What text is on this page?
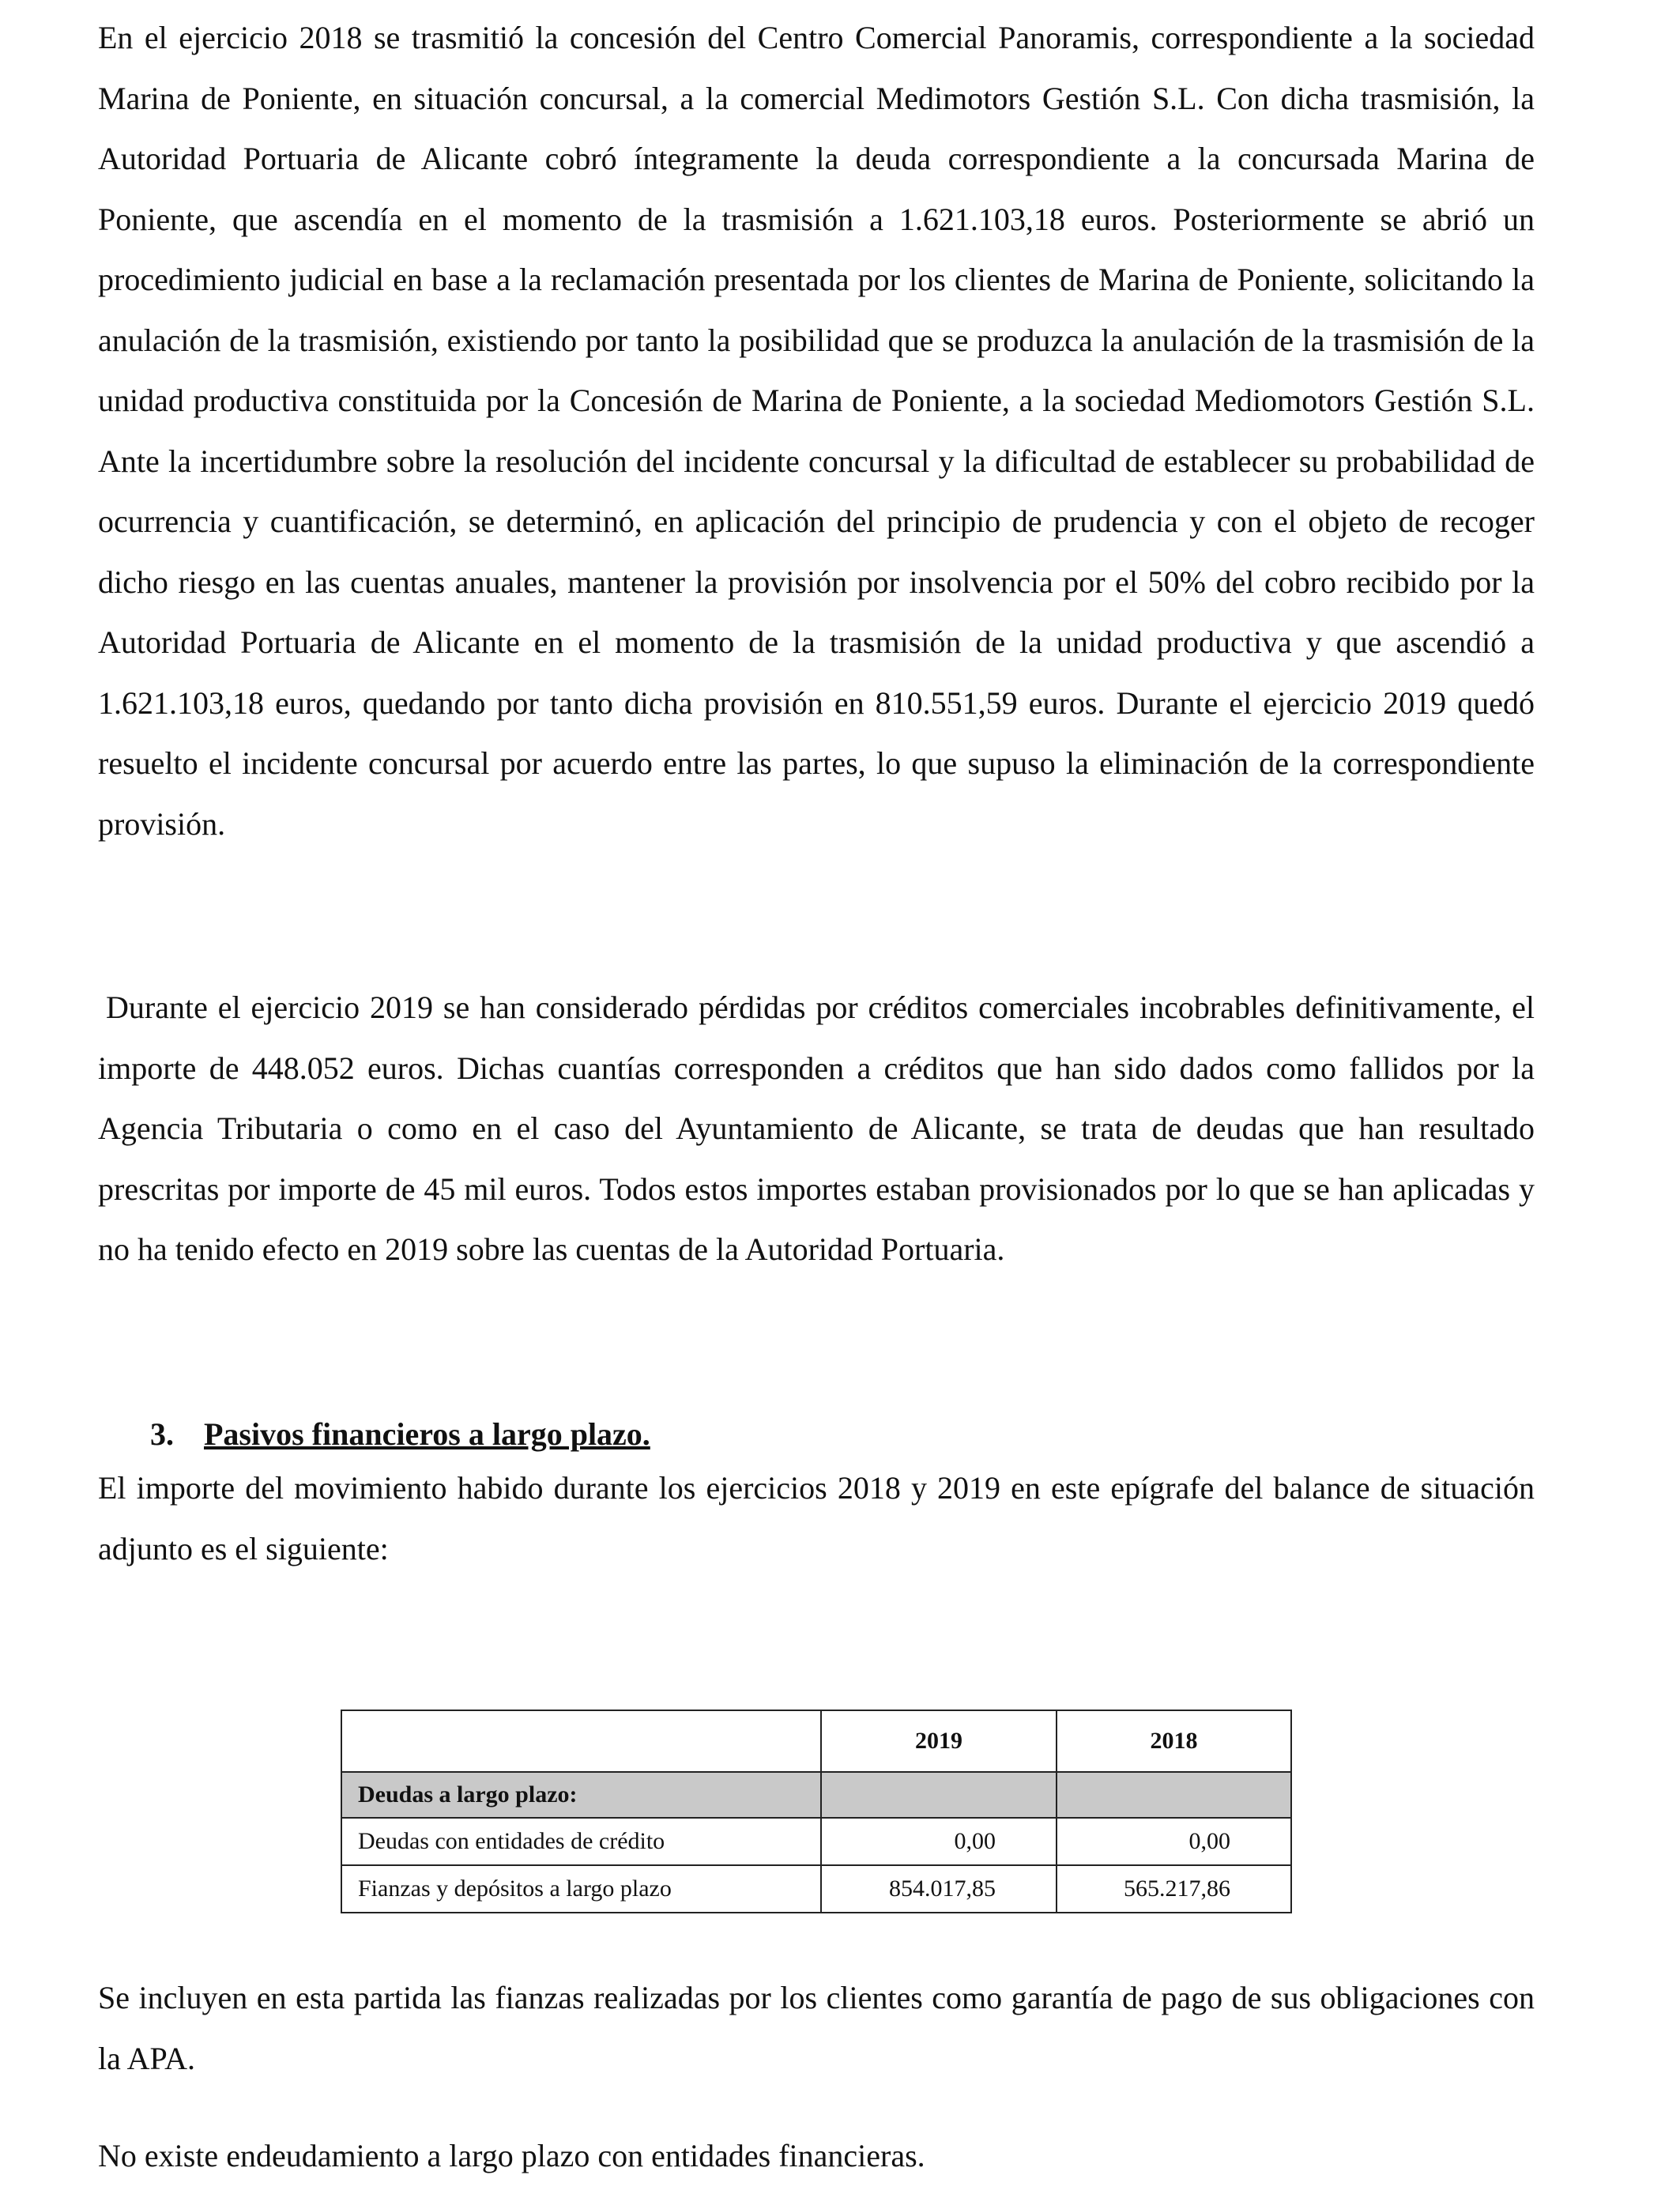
En el ejercicio 2018 se trasmitió la concesión del Centro Comercial Panoramis, correspondiente a la sociedad Marina de Poniente, en situación concursal, a la comercial Medimotors Gestión S.L. Con dicha trasmisión, la Autoridad Portuaria de Alicante cobró íntegramente la deuda correspondiente a la concursada Marina de Poniente, que ascendía en el momento de la trasmisión a 1.621.103,18 euros. Posteriormente se abrió un procedimiento judicial en base a la reclamación presentada por los clientes de Marina de Poniente, solicitando la anulación de la trasmisión, existiendo por tanto la posibilidad que se produzca la anulación de la trasmisión de la unidad productiva constituida por la Concesión de Marina de Poniente, a la sociedad Mediomotors Gestión S.L. Ante la incertidumbre sobre la resolución del incidente concursal y la dificultad de establecer su probabilidad de ocurrencia y cuantificación, se determinó, en aplicación del principio de prudencia y con el objeto de recoger dicho riesgo en las cuentas anuales, mantener la provisión por insolvencia por el 50% del cobro recibido por la Autoridad Portuaria de Alicante en el momento de la trasmisión de la unidad productiva y que ascendió a 1.621.103,18 euros, quedando por tanto dicha provisión en 810.551,59 euros. Durante el ejercicio 2019 quedó resuelto el incidente concursal por acuerdo entre las partes, lo que supuso la eliminación de la correspondiente provisión.

Durante el ejercicio 2019 se han considerado pérdidas por créditos comerciales incobrables definitivamente, el importe de 448.052 euros. Dichas cuantías corresponden a créditos que han sido dados como fallidos por la Agencia Tributaria o como en el caso del Ayuntamiento de Alicante, se trata de deudas que han resultado prescritas por importe de 45 mil euros. Todos estos importes estaban provisionados por lo que se han aplicadas y no ha tenido efecto en 2019 sobre las cuentas de la Autoridad Portuaria.

3. Pasivos financieros a largo plazo.

El importe del movimiento habido durante los ejercicios 2018 y 2019 en este epígrafe del balance de situación adjunto es el siguiente:

	2019	2018
Deudas a largo plazo:		
Deudas con entidades de crédito	0,00	0,00
Fianzas y depósitos a largo plazo	854.017,85	565.217,86

Se incluyen en esta partida las fianzas realizadas por los clientes como garantía de pago de sus obligaciones con la APA.

No existe endeudamiento a largo plazo con entidades financieras.
